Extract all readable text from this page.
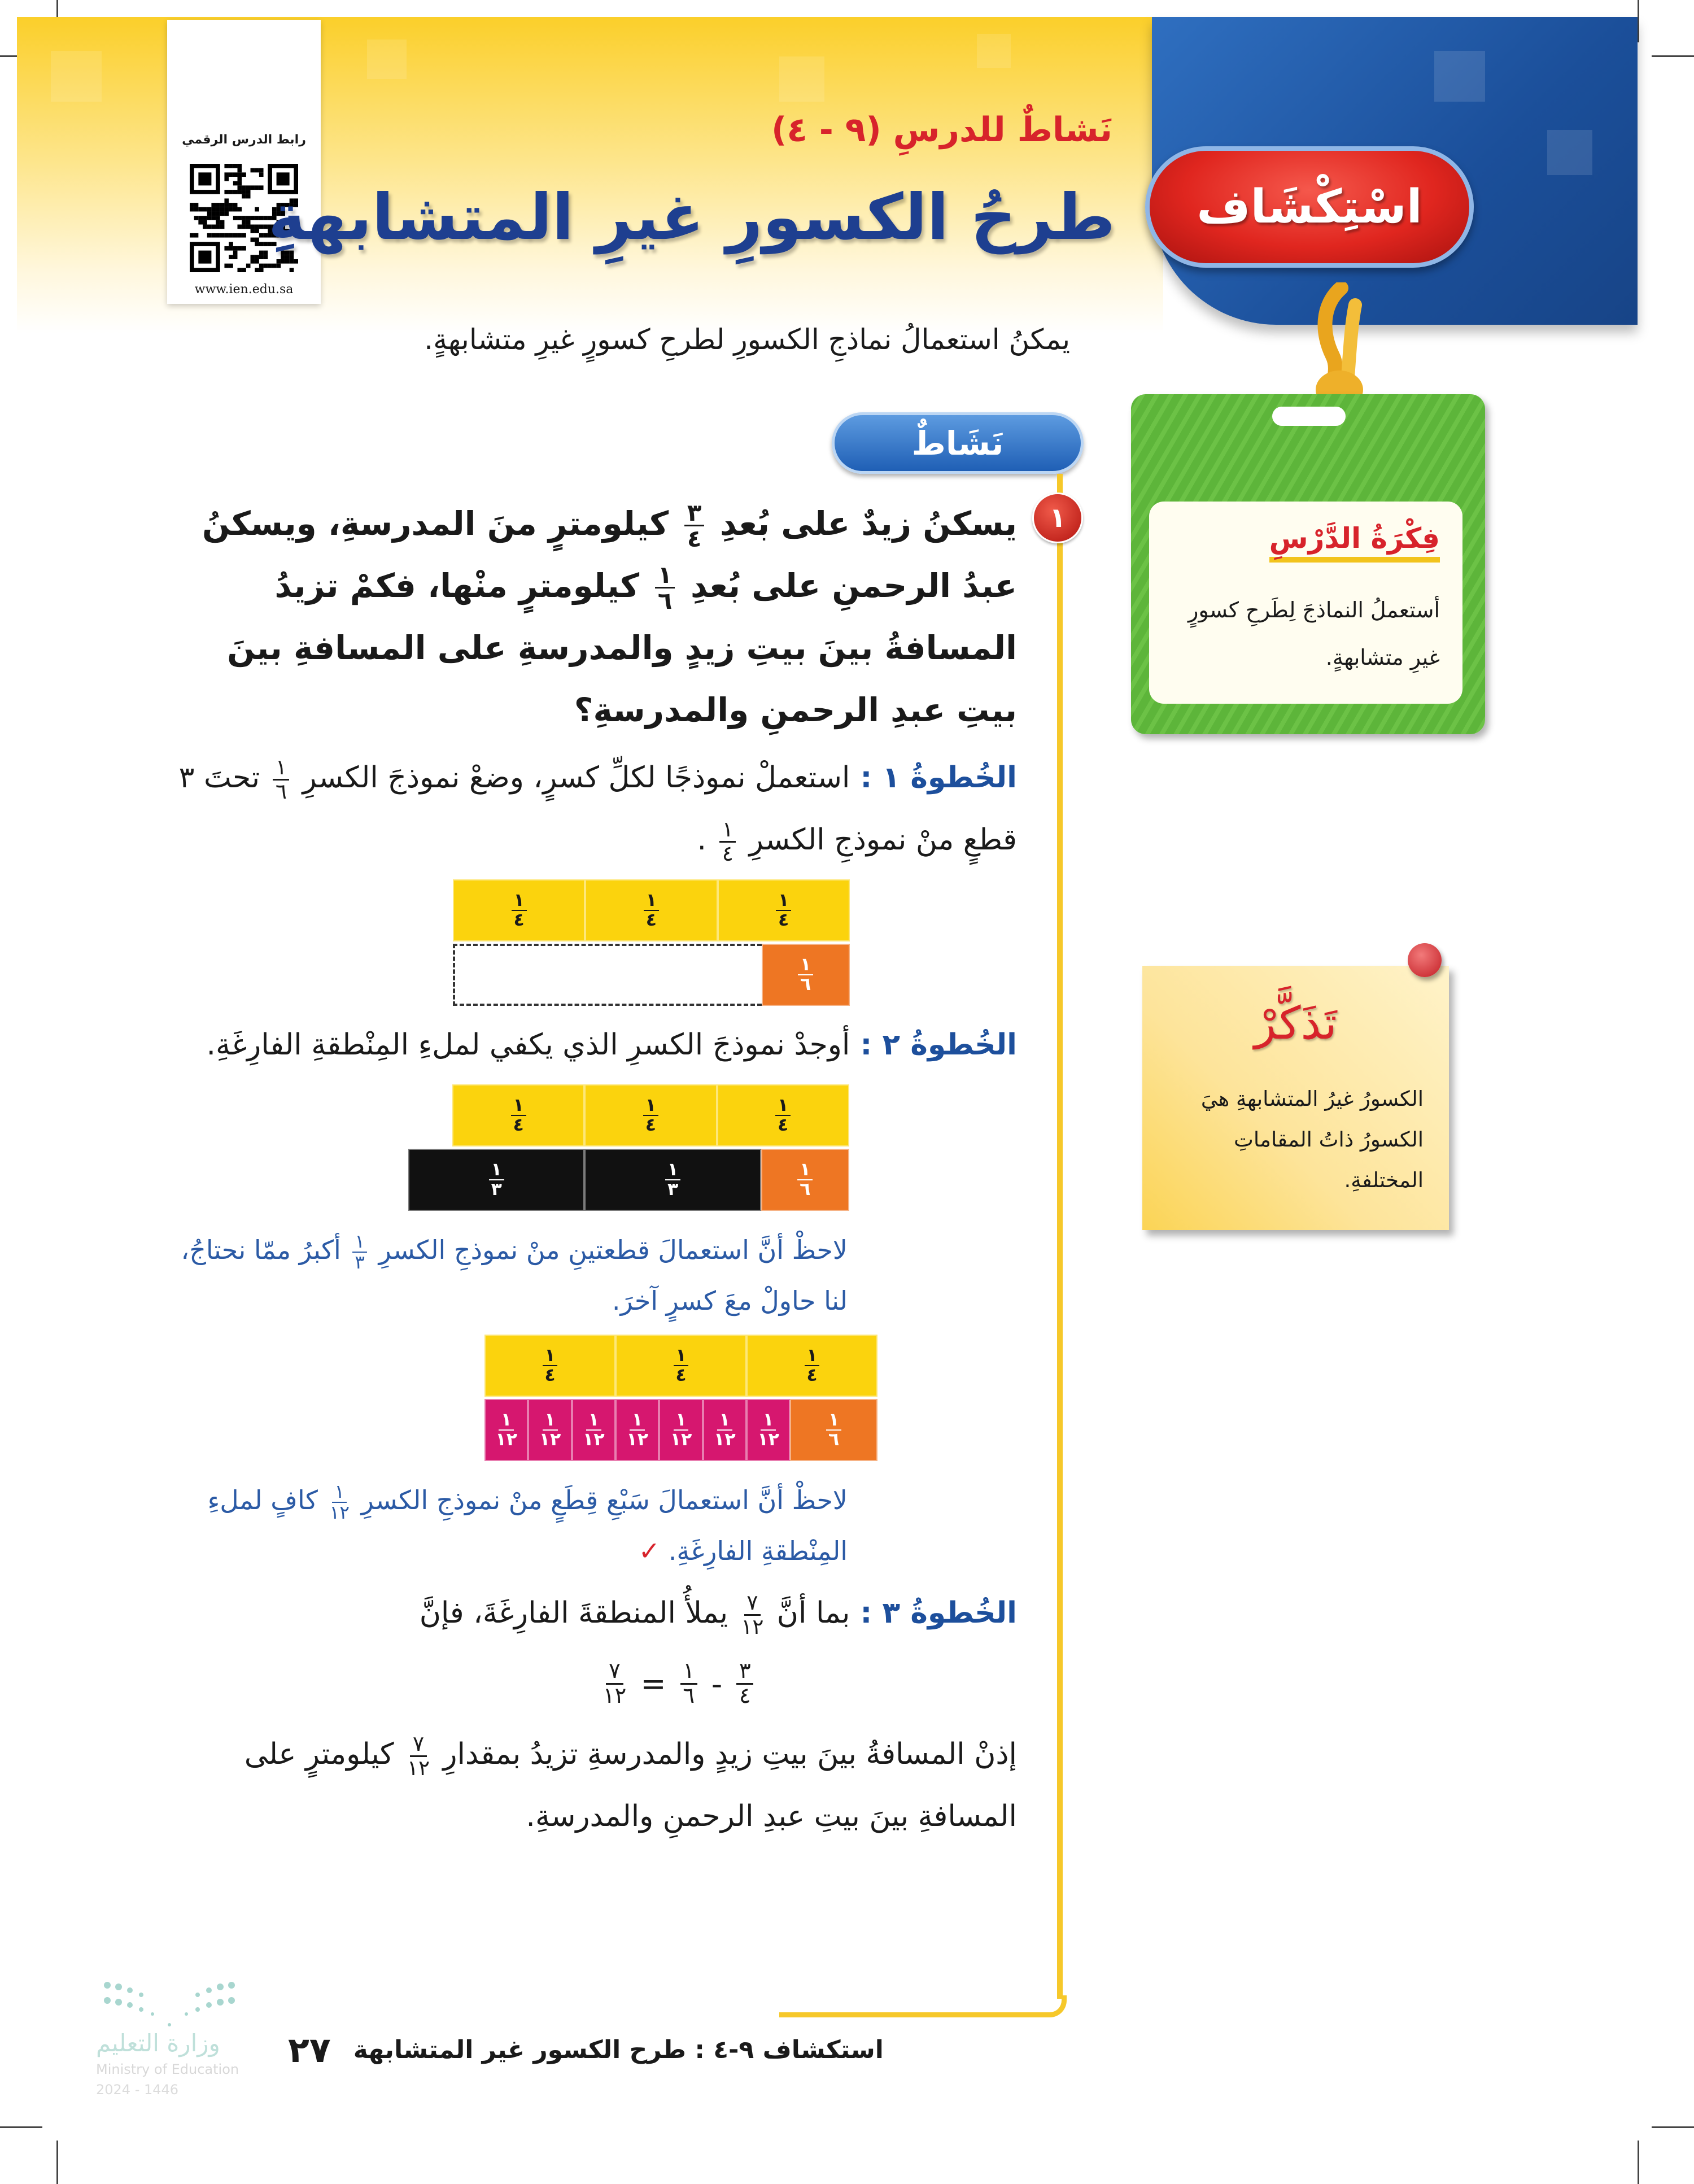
رابط الدرس الرقمي
www.ien.edu.sa
نَشاطٌ للدرسِ (٩ - ٤)
طرحُ الكسورِ غيرِ المتشابهةِ اسْتِكْشَاف
يمكنُ استعمالُ نماذجِ الكسورِ لطرحِ كسورٍ غيرِ متشابهةٍ.
فِكْرَةُ الدَّرْسِ
أستعملُ النماذجَ لِطَرحِ كسورٍ غيرِ متشابهةٍ.
تَذَكَّرْ
الكسورُ غيرُ المتشابهةِ هيَ الكسورُ ذاتُ المقاماتِ المختلفةِ.
نَشَاطٌ
١
يسكنُ زيدٌ على بُعدِ
$\frac{٣}{٤}$
كيلومترٍ منَ المدرسةِ، ويسكنُ عبدُ الرحمنِ على بُعدِ
$\frac{١}{٦}$
كيلومترٍ منْها، فكمْ تزيدُ المسافةُ بينَ بيتِ زيدٍ والمدرسةِ على المسافةِ بينَ بيتِ عبدِ الرحمنِ والمدرسةِ؟
الخُطوةُ ١ : استعملْ نموذجًا لكلِّ كسرٍ، وضعْ نموذجَ الكسرِ
$\frac{١}{٦}$
تحتَ ٣ قطعٍ منْ نموذجِ الكسرِ
$\frac{١}{٤}$
.
$\frac{١}{٤}$
$\frac{١}{٤}$
$\frac{١}{٤}$
$\frac{١}{٦}$
الخُطوةُ ٢ : أوجدْ نموذجَ الكسرِ الذي يكفي لملءِ المِنْطقةِ الفارِغَةِ.
$\frac{١}{٤}$
$\frac{١}{٤}$
$\frac{١}{٤}$
$\frac{١}{٦}$
$\frac{١}{٣}$
$\frac{١}{٣}$
لاحظْ أنَّ استعمالَ قطعتينِ منْ نموذجِ الكسرِ
$\frac{١}{٣}$
أكبرُ ممّا نحتاجُ، لنا حاولْ معَ كسرٍ آخرَ.
$\frac{١}{٤}$
$\frac{١}{٤}$
$\frac{١}{٤}$
$\frac{١}{٦}$
$\frac{١}{١٢}$
$\frac{١}{١٢}$
$\frac{١}{١٢}$
$\frac{١}{١٢}$
$\frac{١}{١٢}$
$\frac{١}{١٢}$
$\frac{١}{١٢}$
لاحظْ أنَّ استعمالَ سَبْعِ قِطَعٍ منْ نموذجِ الكسرِ
$\frac{١}{١٢}$
كافٍ لملءِ المِنْطقةِ الفارِغَةِ. ✓
الخُطوةُ ٣ : بما أنَّ
$\frac{٧}{١٢}$
يملأُ المنطقةَ الفارِغَةَ، فإنَّ
$\frac{٣}{٤}$
-
$\frac{١}{٦}$
=
$\frac{٧}{١٢}$
إذنْ المسافةُ بينَ بيتِ زيدٍ والمدرسةِ تزيدُ بمقدارِ
$\frac{٧}{١٢}$
كيلومترٍ على المسافةِ بينَ بيتِ عبدِ الرحمنِ والمدرسةِ.
وزارة التعليم
Ministry of Education
2024 - 1446
٢٧ استكشاف ٩-٤ : طرح الكسور غير المتشابهة
